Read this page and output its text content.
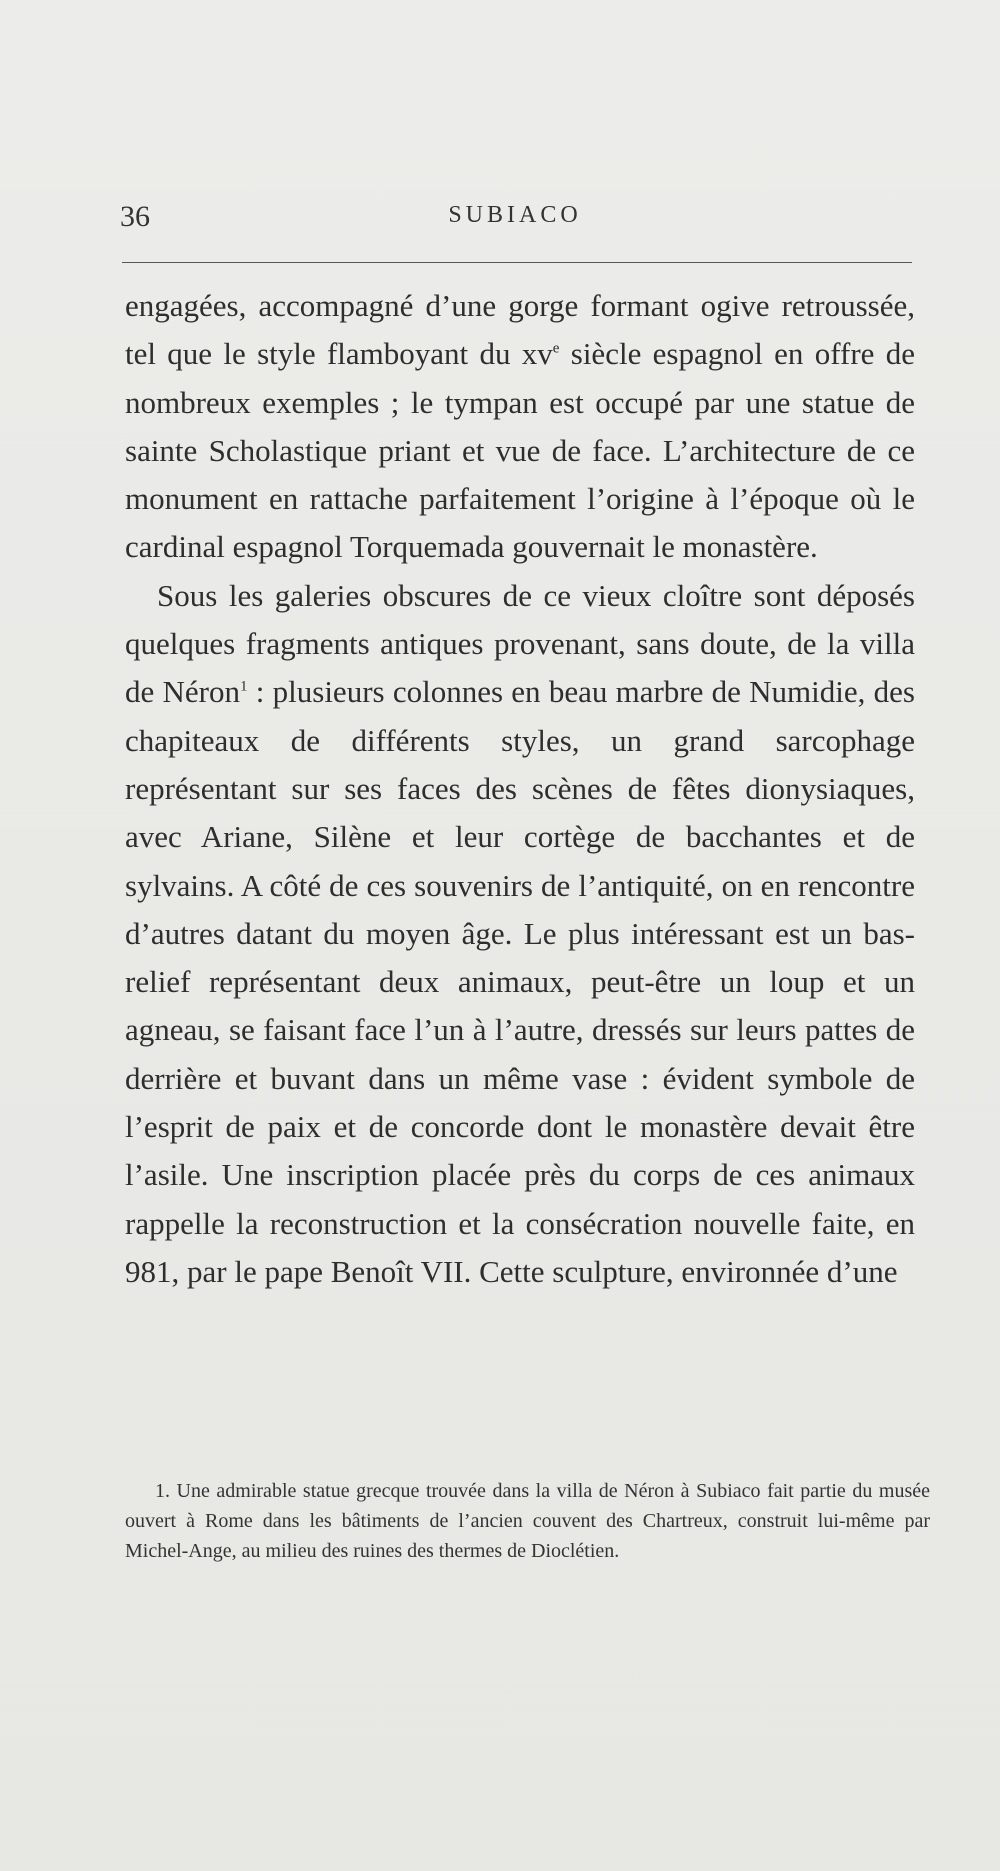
36	SUBIACO

engagées, accompagné d’une gorge formant ogive retroussée, tel que le style flamboyant du $xv^e$ siècle espagnol en offre de nombreux exemples ; le tympan est occupé par une statue de sainte Scholastique priant et vue de face. L’architecture de ce monument en rattache parfaitement l’origine à l’époque où le cardinal espagnol Torquemada gouvernait le monastère.

Sous les galeries obscures de ce vieux cloître sont déposés quelques fragments antiques provenant, sans doute, de la villa de Néron$^1$ : plusieurs colonnes en beau marbre de Numidie, des chapiteaux de différents styles, un grand sarcophage représentant sur ses faces des scènes de fêtes dionysiaques, avec Ariane, Silène et leur cortège de bacchantes et de sylvains. A côté de ces souvenirs de l’antiquité, on en rencontre d’autres datant du moyen âge. Le plus intéressant est un bas-relief représentant deux animaux, peut-être un loup et un agneau, se faisant face l’un à l’autre, dressés sur leurs pattes de derrière et buvant dans un même vase : évident symbole de l’esprit de paix et de concorde dont le monastère devait être l’asile. Une inscription placée près du corps de ces animaux rappelle la reconstruction et la consécration nouvelle faite, en 981, par le pape Benoît VII. Cette sculpture, environnée d’une

1. Une admirable statue grecque trouvée dans la villa de Néron à Subiaco fait partie du musée ouvert à Rome dans les bâtiments de l’ancien couvent des Chartreux, construit lui-même par Michel-Ange, au milieu des ruines des thermes de Dioclétien.
